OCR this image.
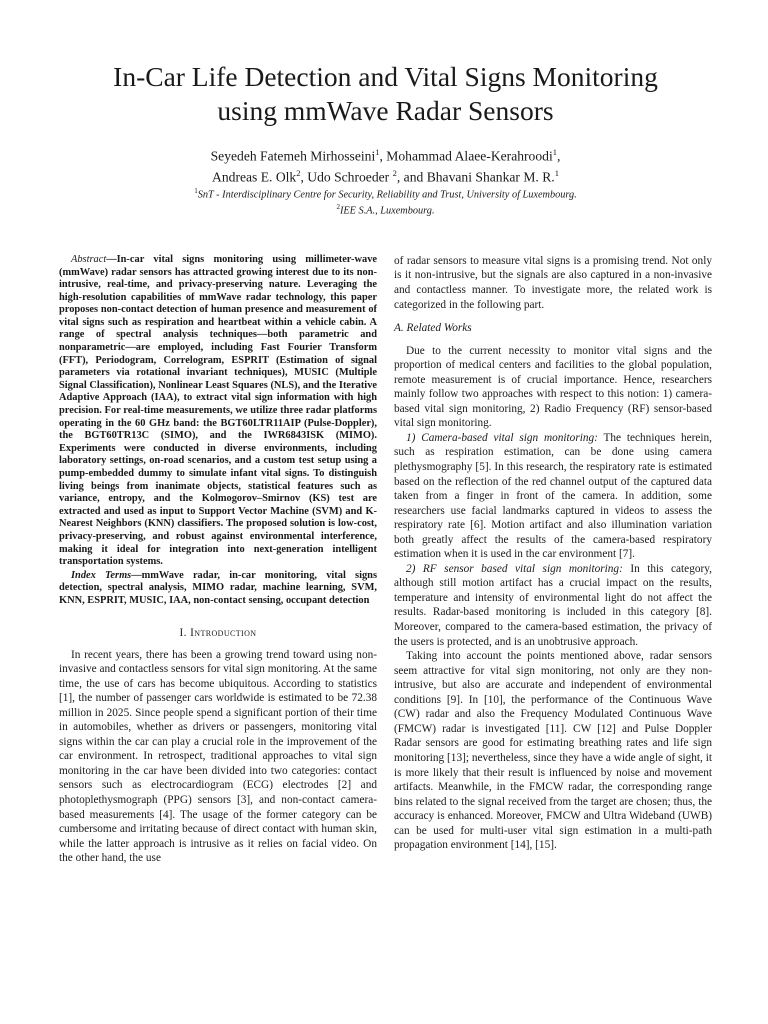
In-Car Life Detection and Vital Signs Monitoring
using mmWave Radar Sensors
Seyedeh Fatemeh Mirhosseini$^1$, Mohammad Alaee-Kerahroodi$^1$,
Andreas E. Olk$^2$, Udo Schroeder $^2$, and Bhavani Shankar M. R.$^1$
$^1$SnT - Interdisciplinary Centre for Security, Reliability and Trust, University of Luxembourg.
$^2$IEE S.A., Luxembourg.

Abstract—In-car vital signs monitoring using millimeter-wave (mmWave) radar sensors has attracted growing interest due to its non-intrusive, real-time, and privacy-preserving nature. Leveraging the high-resolution capabilities of mmWave radar technology, this paper proposes non-contact detection of human presence and measurement of vital signs such as respiration and heartbeat within a vehicle cabin. A range of spectral analysis techniques—both parametric and nonparametric—are employed, including Fast Fourier Transform (FFT), Periodogram, Correlogram, ESPRIT (Estimation of signal parameters via rotational invariant techniques), MUSIC (Multiple Signal Classification), Nonlinear Least Squares (NLS), and the Iterative Adaptive Approach (IAA), to extract vital sign information with high precision. For real-time measurements, we utilize three radar platforms operating in the 60 GHz band: the BGT60LTR11AIP (Pulse-Doppler), the BGT60TR13C (SIMO), and the IWR6843ISK (MIMO). Experiments were conducted in diverse environments, including laboratory settings, on-road scenarios, and a custom test setup using a pump-embedded dummy to simulate infant vital signs. To distinguish living beings from inanimate objects, statistical features such as variance, entropy, and the Kolmogorov–Smirnov (KS) test are extracted and used as input to Support Vector Machine (SVM) and K-Nearest Neighbors (KNN) classifiers. The proposed solution is low-cost, privacy-preserving, and robust against environmental interference, making it ideal for integration into next-generation intelligent transportation systems.

Index Terms—mmWave radar, in-car monitoring, vital signs detection, spectral analysis, MIMO radar, machine learning, SVM, KNN, ESPRIT, MUSIC, IAA, non-contact sensing, occupant detection

I. Introduction

In recent years, there has been a growing trend toward using non-invasive and contactless sensors for vital sign monitoring. At the same time, the use of cars has become ubiquitous. According to statistics [1], the number of passenger cars worldwide is estimated to be 72.38 million in 2025. Since people spend a significant portion of their time in automobiles, whether as drivers or passengers, monitoring vital signs within the car can play a crucial role in the improvement of the car environment. In retrospect, traditional approaches to vital sign monitoring in the car have been divided into two categories: contact sensors such as electrocardiogram (ECG) electrodes [2] and photoplethysmograph (PPG) sensors [3], and non-contact camera-based measurements [4]. The usage of the former category can be cumbersome and irritating because of direct contact with human skin, while the latter approach is intrusive as it relies on facial video. On the other hand, the use

of radar sensors to measure vital signs is a promising trend. Not only is it non-intrusive, but the signals are also captured in a non-invasive and contactless manner. To investigate more, the related work is categorized in the following part.

A. Related Works

Due to the current necessity to monitor vital signs and the proportion of medical centers and facilities to the global population, remote measurement is of crucial importance. Hence, researchers mainly follow two approaches with respect to this notion: 1) camera-based vital sign monitoring, 2) Radio Frequency (RF) sensor-based vital sign monitoring.

1) Camera-based vital sign monitoring: The techniques herein, such as respiration estimation, can be done using camera plethysmography [5]. In this research, the respiratory rate is estimated based on the reflection of the red channel output of the captured data taken from a finger in front of the camera. In addition, some researchers use facial landmarks captured in videos to assess the respiratory rate [6]. Motion artifact and also illumination variation both greatly affect the results of the camera-based respiratory estimation when it is used in the car environment [7].

2) RF sensor based vital sign monitoring: In this category, although still motion artifact has a crucial impact on the results, temperature and intensity of environmental light do not affect the results. Radar-based monitoring is included in this category [8]. Moreover, compared to the camera-based estimation, the privacy of the users is protected, and is an unobtrusive approach.

Taking into account the points mentioned above, radar sensors seem attractive for vital sign monitoring, not only are they non-intrusive, but also are accurate and independent of environmental conditions [9]. In [10], the performance of the Continuous Wave (CW) radar and also the Frequency Modulated Continuous Wave (FMCW) radar is investigated [11]. CW [12] and Pulse Doppler Radar sensors are good for estimating breathing rates and life sign monitoring [13]; nevertheless, since they have a wide angle of sight, it is more likely that their result is influenced by noise and movement artifacts. Meanwhile, in the FMCW radar, the corresponding range bins related to the signal received from the target are chosen; thus, the accuracy is enhanced. Moreover, FMCW and Ultra Wideband (UWB) can be used for multi-user vital sign estimation in a multi-path propagation environment [14], [15].
